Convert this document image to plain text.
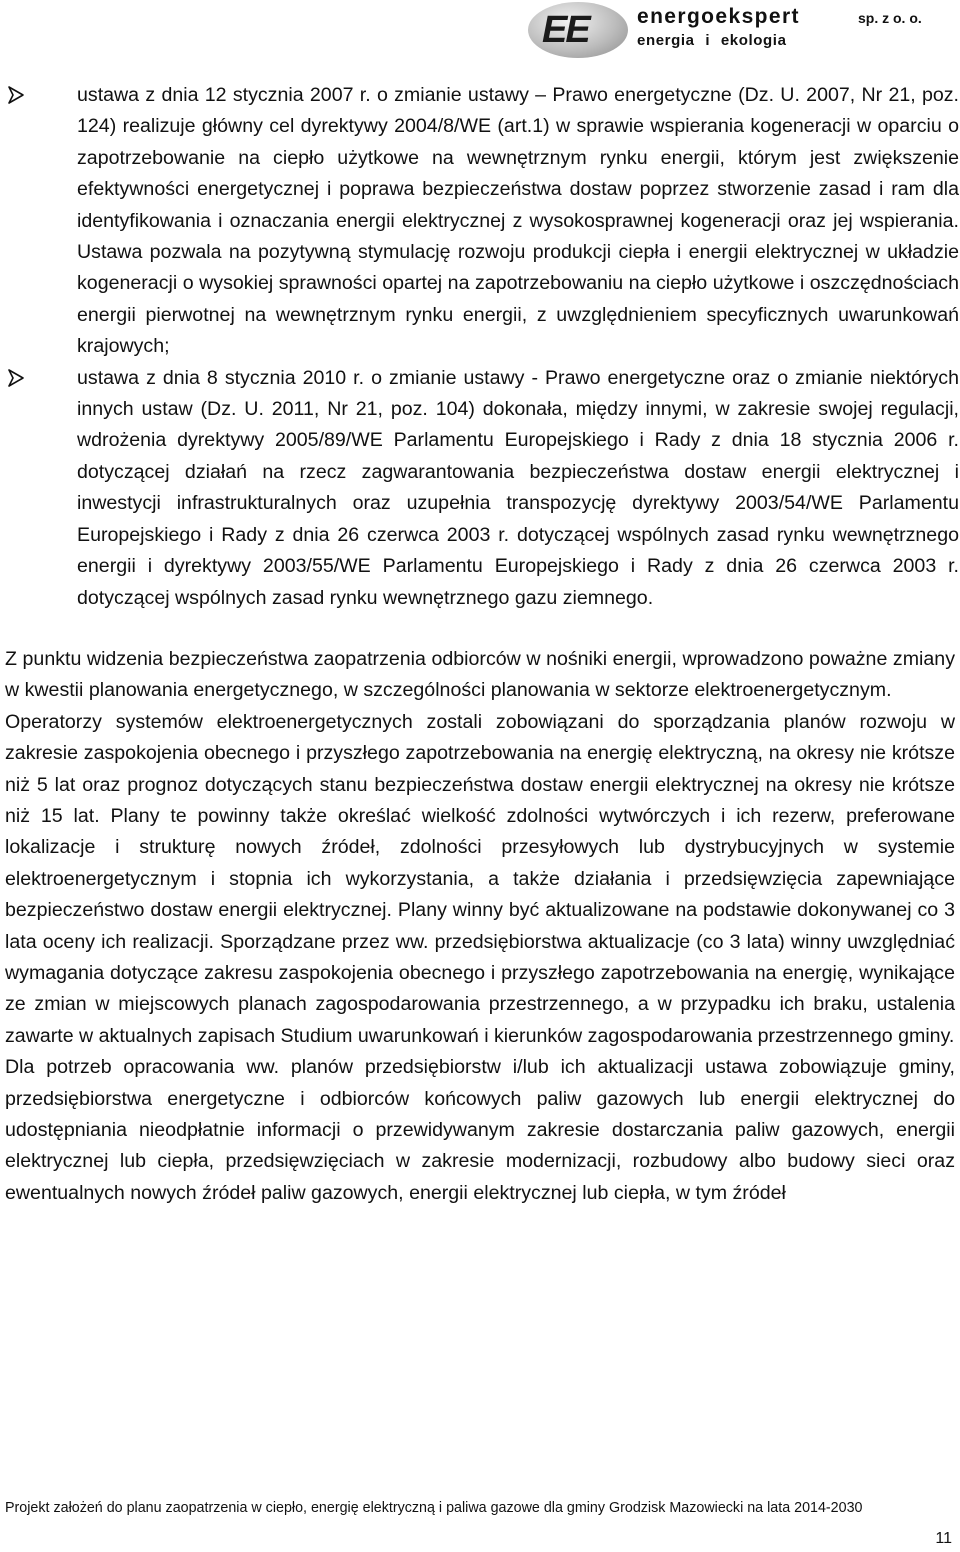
EE energoekspert
energia i ekologia
sp. z o. o.
ustawa z dnia 12 stycznia 2007 r. o zmianie ustawy – Prawo energetyczne (Dz. U. 2007, Nr 21, poz. 124) realizuje główny cel dyrektywy 2004/8/WE (art.1) w sprawie wspierania kogeneracji w oparciu o zapotrzebowanie na ciepło użytkowe na wewnętrznym rynku energii, którym jest zwiększenie efektywności energetycznej i poprawa bezpieczeństwa dostaw poprzez stworzenie zasad i ram dla identyfikowania i oznaczania energii elektrycznej z wysokosprawnej kogeneracji oraz jej wspierania. Ustawa pozwala na pozytywną stymulację rozwoju produkcji ciepła i energii elektrycznej w układzie kogeneracji o wysokiej sprawności opartej na zapotrzebowaniu na ciepło użytkowe i oszczędnościach energii pierwotnej na wewnętrznym rynku energii, z uwzględnieniem specyficznych uwarunkowań krajowych;
ustawa z dnia 8 stycznia 2010 r. o zmianie ustawy - Prawo energetyczne oraz o zmianie niektórych innych ustaw (Dz. U. 2011, Nr 21, poz. 104) dokonała, między innymi, w zakresie swojej regulacji, wdrożenia dyrektywy 2005/89/WE Parlamentu Europejskiego i Rady z dnia 18 stycznia 2006 r. dotyczącej działań na rzecz zagwarantowania bezpieczeństwa dostaw energii elektrycznej i inwestycji infrastrukturalnych oraz uzupełnia transpozycję dyrektywy 2003/54/WE Parlamentu Europejskiego i Rady z dnia 26 czerwca 2003 r. dotyczącej wspólnych zasad rynku wewnętrznego energii i dyrektywy 2003/55/WE Parlamentu Europejskiego i Rady z dnia 26 czerwca 2003 r. dotyczącej wspólnych zasad rynku wewnętrznego gazu ziemnego.

Z punktu widzenia bezpieczeństwa zaopatrzenia odbiorców w nośniki energii, wprowadzono poważne zmiany w kwestii planowania energetycznego, w szczególności planowania w sektorze elektroenergetycznym.

Operatorzy systemów elektroenergetycznych zostali zobowiązani do sporządzania planów rozwoju w zakresie zaspokojenia obecnego i przyszłego zapotrzebowania na energię elektryczną, na okresy nie krótsze niż 5 lat oraz prognoz dotyczących stanu bezpieczeństwa dostaw energii elektrycznej na okresy nie krótsze niż 15 lat. Plany te powinny także określać wielkość zdolności wytwórczych i ich rezerw, preferowane lokalizacje i strukturę nowych źródeł, zdolności przesyłowych lub dystrybucyjnych w systemie elektroenergetycznym i stopnia ich wykorzystania, a także działania i przedsięwzięcia zapewniające bezpieczeństwo dostaw energii elektrycznej. Plany winny być aktualizowane na podstawie dokonywanej co 3 lata oceny ich realizacji. Sporządzane przez ww. przedsiębiorstwa aktualizacje (co 3 lata) winny uwzględniać wymagania dotyczące zakresu zaspokojenia obecnego i przyszłego zapotrzebowania na energię, wynikające ze zmian w miejscowych planach zagospodarowania przestrzennego, a w przypadku ich braku, ustalenia zawarte w aktualnych zapisach Studium uwarunkowań i kierunków zagospodarowania przestrzennego gminy.

Dla potrzeb opracowania ww. planów przedsiębiorstw i/lub ich aktualizacji ustawa zobowiązuje gminy, przedsiębiorstwa energetyczne i odbiorców końcowych paliw gazowych lub energii elektrycznej do udostępniania nieodpłatnie informacji o przewidywanym zakresie dostarczania paliw gazowych, energii elektrycznej lub ciepła, przedsięwzięciach w zakresie modernizacji, rozbudowy albo budowy sieci oraz ewentualnych nowych źródeł paliw gazowych, energii elektrycznej lub ciepła, w tym źródeł

Projekt założeń do planu zaopatrzenia w ciepło, energię elektryczną i paliwa gazowe dla gminy Grodzisk Mazowiecki na lata 2014-2030
11
